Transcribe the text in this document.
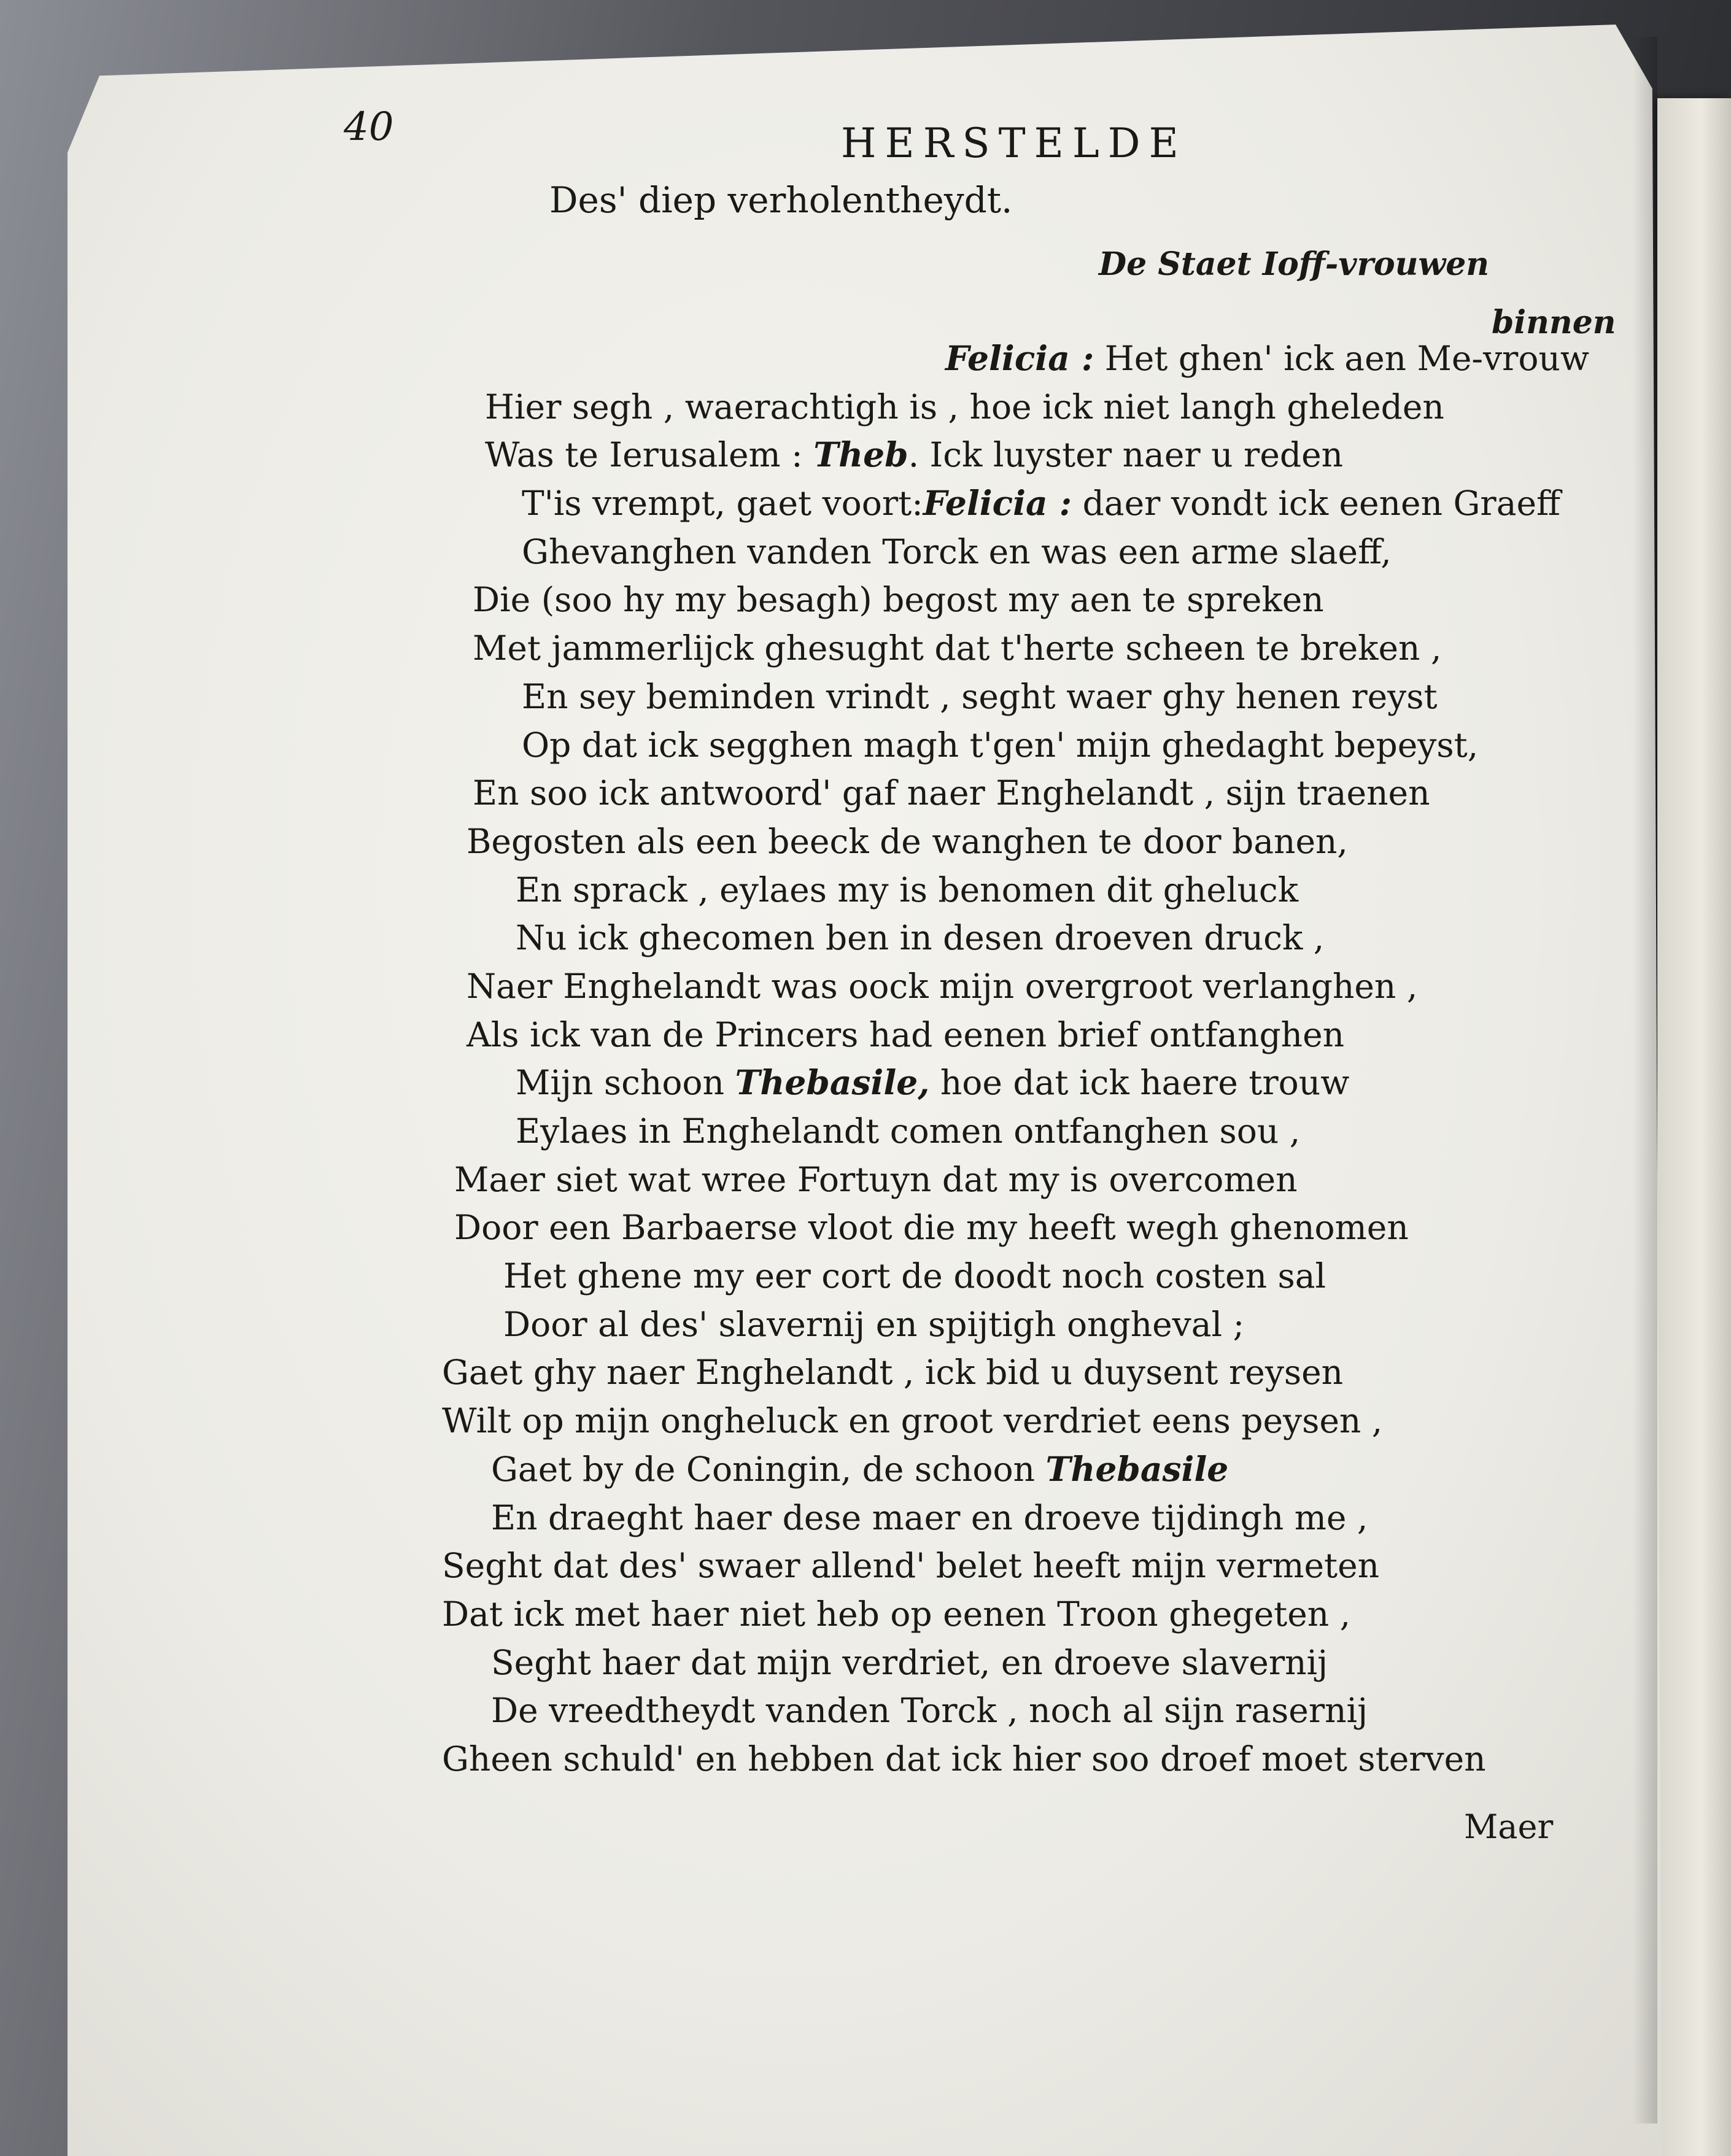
40	HERSTELDE
Des' diep verholentheydt.
De Staet Ioff-vrouwen
binnen
Felicia : Het ghen' ick aen Me-vrouw
Hier segh , waerachtigh is , hoe ick niet langh gheleden
Was te Ierusalem : Theb. Ick luyster naer u reden
T'is vrempt, gaet voort:Felicia : daer vondt ick eenen Graeff
Ghevanghen vanden Torck en was een arme slaeff,
Die (soo hy my besagh) begost my aen te spreken
Met jammerlijck ghesught dat t'herte scheen te breken ,
En sey beminden vrindt , seght waer ghy henen reyst
Op dat ick segghen magh t'gen' mijn ghedaght bepeyst,
En soo ick antwoord' gaf naer Enghelandt , sijn traenen
Begosten als een beeck de wanghen te door banen,
En sprack , eylaes my is benomen dit gheluck
Nu ick ghecomen ben in desen droeven druck ,
Naer Enghelandt was oock mijn overgroot verlanghen ,
Als ick van de Princers had eenen brief ontfanghen
Mijn schoon Thebasile, hoe dat ick haere trouw
Eylaes in Enghelandt comen ontfanghen sou ,
Maer siet wat wree Fortuyn dat my is overcomen
Door een Barbaerse vloot die my heeft wegh ghenomen
Het ghene my eer cort de doodt noch costen sal
Door al des' slavernij en spijtigh ongheval ;
Gaet ghy naer Enghelandt , ick bid u duysent reysen
Wilt op mijn ongheluck en groot verdriet eens peysen ,
Gaet by de Coningin, de schoon Thebasile
En draeght haer dese maer en droeve tijdingh me ,
Seght dat des' swaer allend' belet heeft mijn vermeten
Dat ick met haer niet heb op eenen Troon ghegeten ,
Seght haer dat mijn verdriet, en droeve slavernij
De vreedtheydt vanden Torck , noch al sijn rasernij
Gheen schuld' en hebben dat ick hier soo droef moet sterven
Maer
